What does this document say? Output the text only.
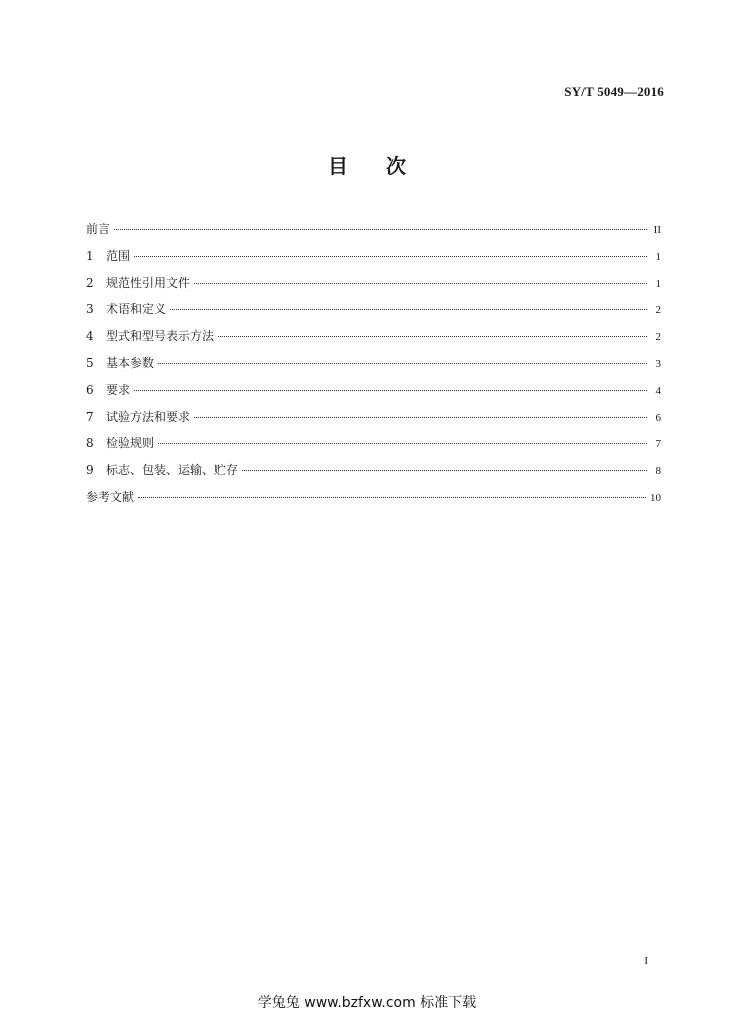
SY/T 5049—2016
目 次
前言	II
1	范围	1
2	规范性引用文件	1
3	术语和定义	2
4	型式和型号表示方法	2
5	基本参数	3
6	要求	4
7	试验方法和要求	6
8	检验规则	7
9	标志、包装、运输、贮存	8
参考文献	10
I
学兔兔 www.bzfxw.com 标准下载
